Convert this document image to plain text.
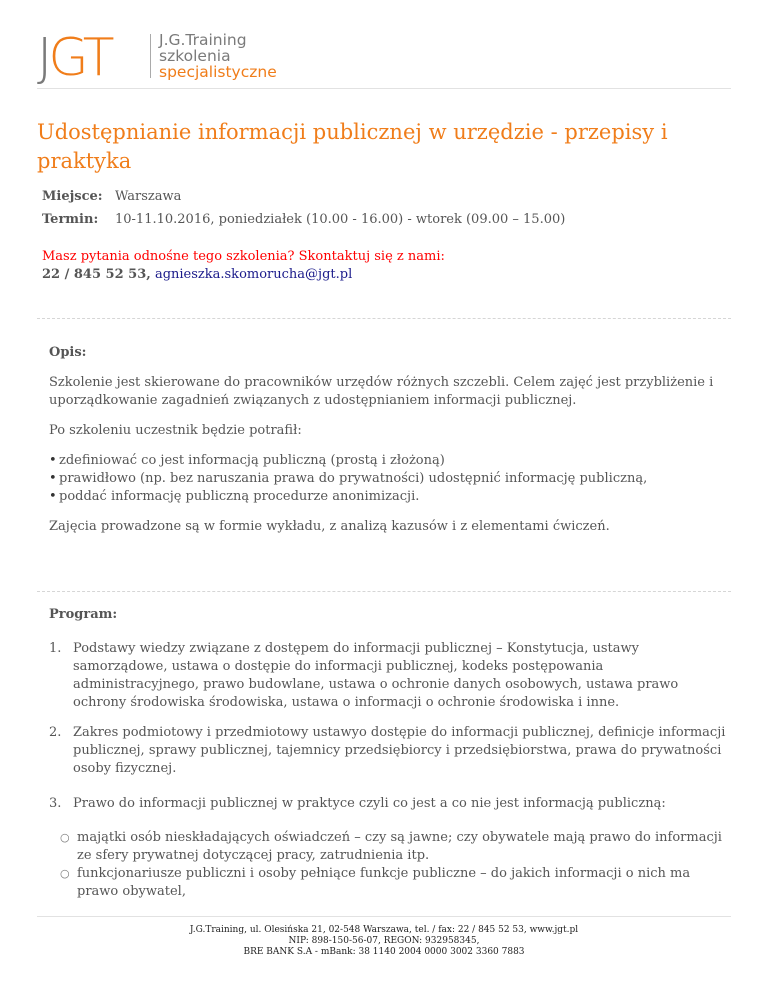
JGT	J.G.Training
szkolenia
specjalistyczne
Udostępnianie informacji publicznej w urzędzie - przepisy i praktyka
Miejsce: Warszawa
Termin: 10-11.10.2016, poniedziałek (10.00 - 16.00) - wtorek (09.00 – 15.00)
Masz pytania odnośne tego szkolenia? Skontaktuj się z nami:
22 / 845 52 53, agnieszka.skomorucha@jgt.pl
Opis:

Szkolenie jest skierowane do pracowników urzędów różnych szczebli. Celem zajęć jest przybliżenie i uporządkowanie zagadnień związanych z udostępnianiem informacji publicznej.

Po szkoleniu uczestnik będzie potrafił:

• zdefiniować co jest informacją publiczną (prostą i złożoną)
• prawidłowo (np. bez naruszania prawa do prywatności) udostępnić informację publiczną,
• poddać informację publiczną procedurze anonimizacji.

Zajęcia prowadzone są w formie wykładu, z analizą kazusów i z elementami ćwiczeń.

Program:
1. Podstawy wiedzy związane z dostępem do informacji publicznej – Konstytucja, ustawy samorządowe, ustawa o dostępie do informacji publicznej, kodeks postępowania administracyjnego, prawo budowlane, ustawa o ochronie danych osobowych, ustawa prawo ochrony środowiska środowiska, ustawa o informacji o ochronie środowiska i inne.
2. Zakres podmiotowy i przedmiotowy ustawyo dostępie do informacji publicznej, definicje informacji publicznej, sprawy publicznej, tajemnicy przedsiębiorcy i przedsiębiorstwa, prawa do prywatności osoby fizycznej.
3. Prawo do informacji publicznej w praktyce czyli co jest a co nie jest informacją publiczną:
○ majątki osób nieskładających oświadczeń – czy są jawne; czy obywatele mają prawo do informacji ze sfery prywatnej dotyczącej pracy, zatrudnienia itp.
○ funkcjonariusze publiczni i osoby pełniące funkcje publiczne – do jakich informacji o nich ma prawo obywatel,
J.G.Training, ul. Olesińska 21, 02-548 Warszawa, tel. / fax: 22 / 845 52 53, www.jgt.pl
NIP: 898-150-56-07, REGON: 932958345,
BRE BANK S.A - mBank: 38 1140 2004 0000 3002 3360 7883
